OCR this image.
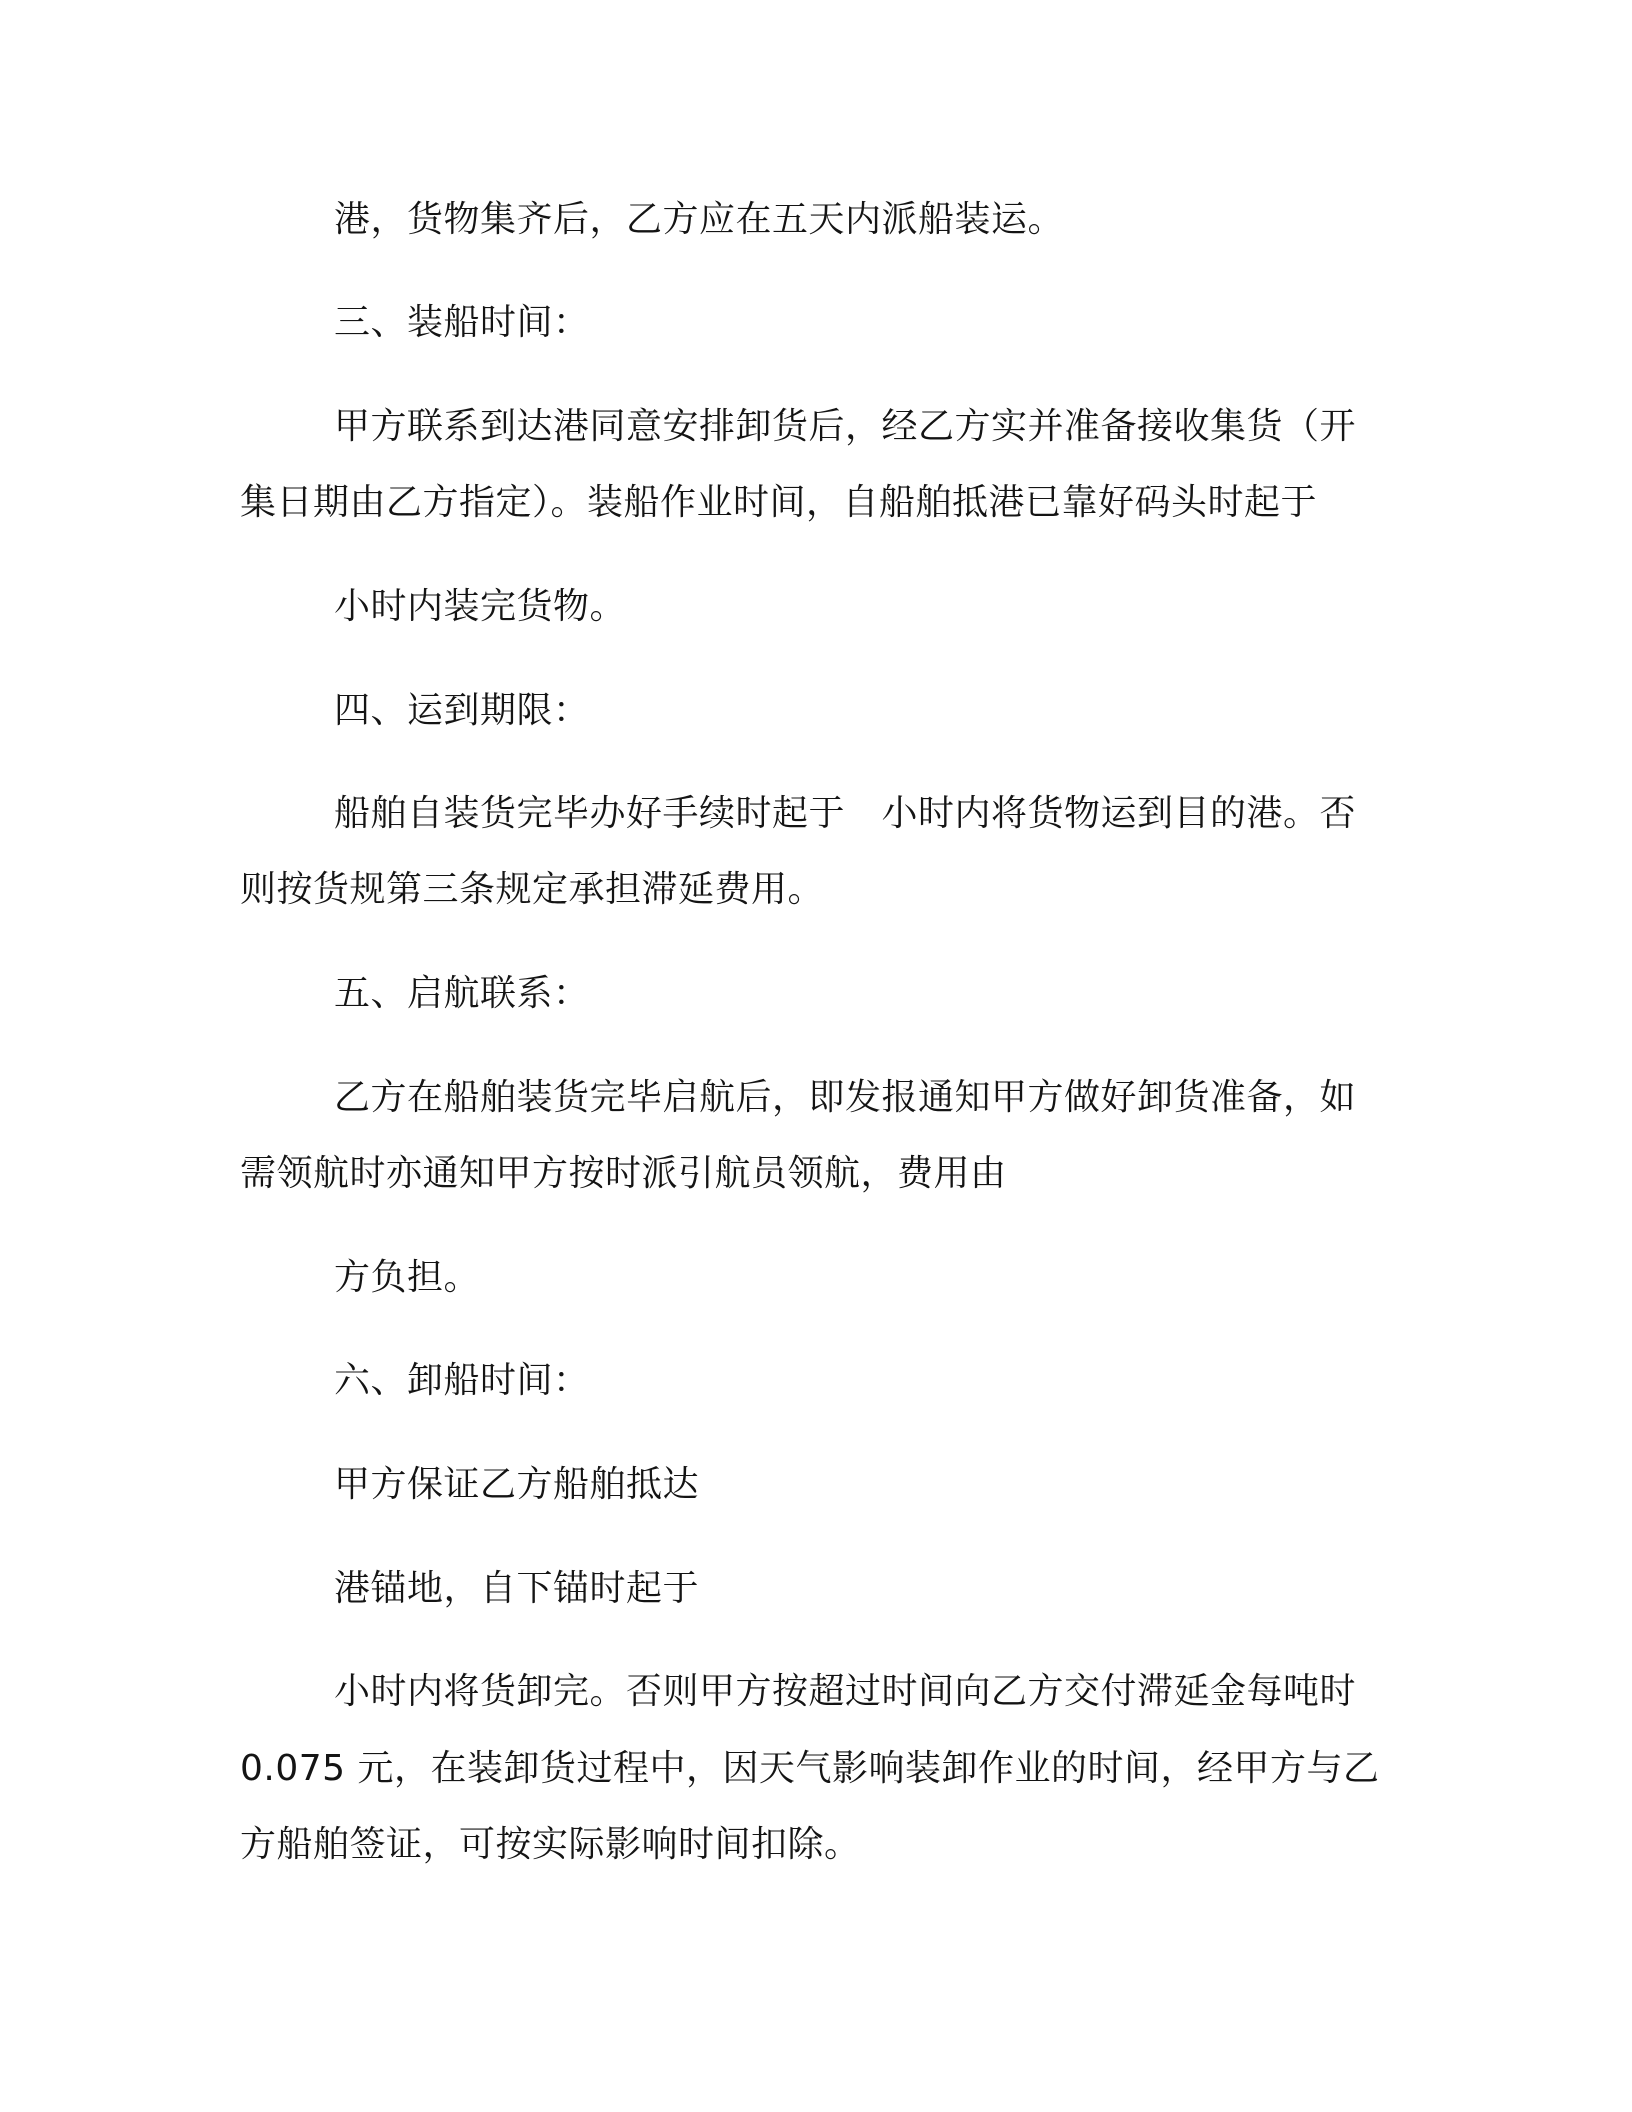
港，货物集齐后，乙方应在五天内派船装运。
三、装船时间：
甲方联系到达港同意安排卸货后，经乙方实并准备接收集货（开
集日期由乙方指定）。装船作业时间，自船舶抵港已靠好码头时起于
小时内装完货物。
四、运到期限：
船舶自装货完毕办好手续时起于　小时内将货物运到目的港。否
则按货规第三条规定承担滞延费用。
五、启航联系：
乙方在船舶装货完毕启航后，即发报通知甲方做好卸货准备，如
需领航时亦通知甲方按时派引航员领航，费用由
方负担。
六、卸船时间：
甲方保证乙方船舶抵达
港锚地，自下锚时起于
小时内将货卸完。否则甲方按超过时间向乙方交付滞延金每吨时
0.075 元，在装卸货过程中，因天气影响装卸作业的时间，经甲方与乙
方船舶签证，可按实际影响时间扣除。
